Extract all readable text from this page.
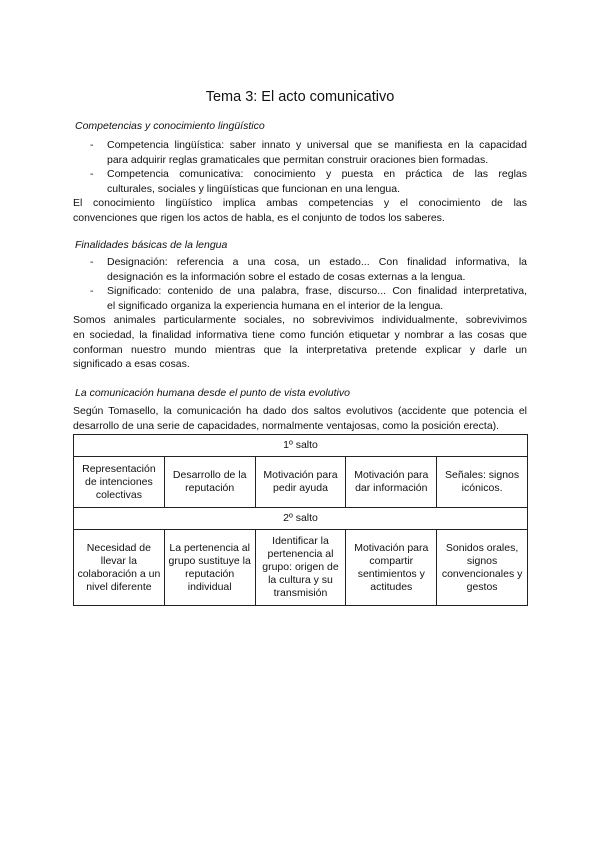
Tema 3: El acto comunicativo
Competencias y conocimiento lingüístico
- Competencia lingüística: saber innato y universal que se manifiesta en la capacidad
para adquirir reglas gramaticales que permitan construir oraciones bien formadas.
- Competencia comunicativa: conocimiento y puesta en práctica de las reglas
culturales, sociales y lingüísticas que funcionan en una lengua.
El conocimiento lingüístico implica ambas competencias y el conocimiento de las
convenciones que rigen los actos de habla, es el conjunto de todos los saberes.
Finalidades básicas de la lengua
- Designación: referencia a una cosa, un estado... Con finalidad informativa, la
designación es la información sobre el estado de cosas externas a la lengua.
- Significado: contenido de una palabra, frase, discurso... Con finalidad interpretativa,
el significado organiza la experiencia humana en el interior de la lengua.
Somos animales particularmente sociales, no sobrevivimos individualmente, sobrevivimos
en sociedad, la finalidad informativa tiene como función etiquetar y nombrar a las cosas que
conforman nuestro mundo mientras que la interpretativa pretende explicar y darle un
significado a esas cosas.
La comunicación humana desde el punto de vista evolutivo
Según Tomasello, la comunicación ha dado dos saltos evolutivos (accidente que potencia el
desarrollo de una serie de capacidades, normalmente ventajosas, como la posición erecta).
1º salto				
Representación de intenciones colectivas	Desarrollo de la reputación	Motivación para pedir ayuda	Motivación para dar información	Señales: signos icónicos.
2º salto				
Necesidad de llevar la colaboración a un nivel diferente	La pertenencia al grupo sustituye la reputación individual	Identificar la pertenencia al grupo: origen de la cultura y su transmisión	Motivación para compartir sentimientos y actitudes	Sonidos orales, signos convencionales y gestos
